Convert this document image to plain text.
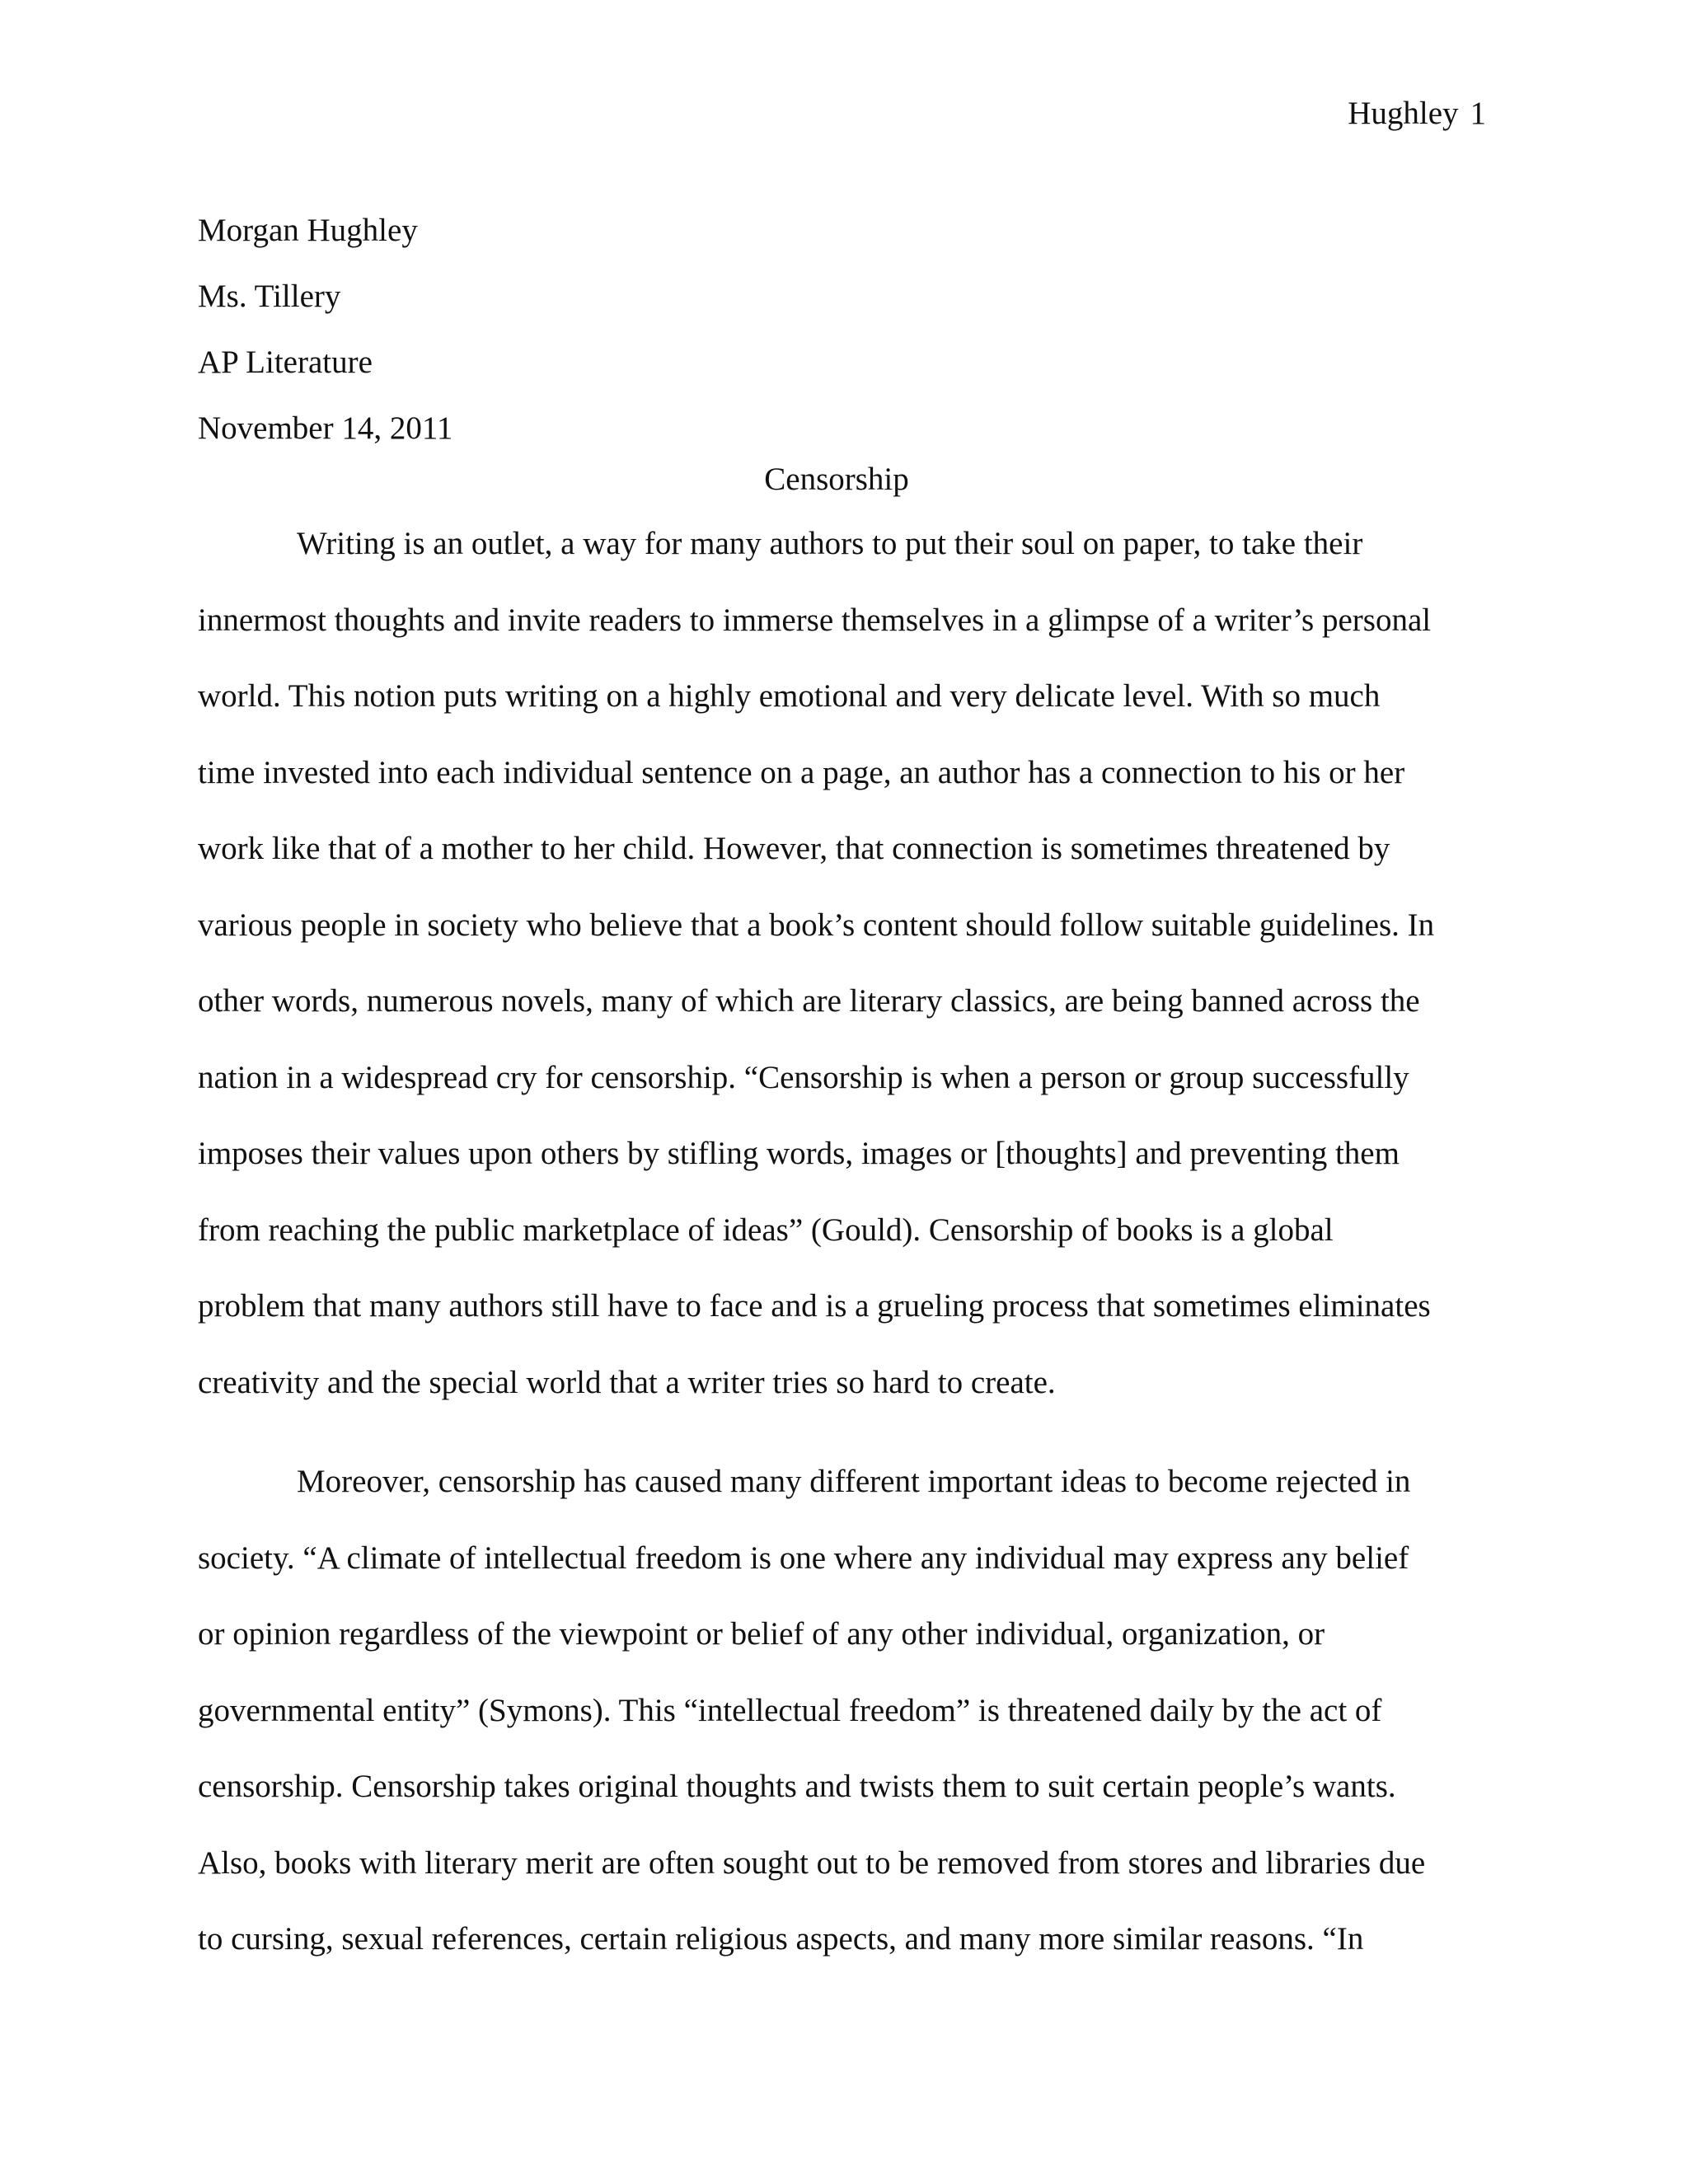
Hughley 1
Morgan Hughley
Ms. Tillery
AP Literature
November 14, 2011
Censorship
Writing is an outlet, a way for many authors to put their soul on paper, to take their
innermost thoughts and invite readers to immerse themselves in a glimpse of a writer’s personal
world. This notion puts writing on a highly emotional and very delicate level. With so much
time invested into each individual sentence on a page, an author has a connection to his or her
work like that of a mother to her child. However, that connection is sometimes threatened by
various people in society who believe that a book’s content should follow suitable guidelines. In
other words, numerous novels, many of which are literary classics, are being banned across the
nation in a widespread cry for censorship. “Censorship is when a person or group successfully
imposes their values upon others by stifling words, images or [thoughts] and preventing them
from reaching the public marketplace of ideas” (Gould). Censorship of books is a global
problem that many authors still have to face and is a grueling process that sometimes eliminates
creativity and the special world that a writer tries so hard to create.
Moreover, censorship has caused many different important ideas to become rejected in
society. “A climate of intellectual freedom is one where any individual may express any belief
or opinion regardless of the viewpoint or belief of any other individual, organization, or
governmental entity” (Symons). This “intellectual freedom” is threatened daily by the act of
censorship. Censorship takes original thoughts and twists them to suit certain people’s wants.
Also, books with literary merit are often sought out to be removed from stores and libraries due
to cursing, sexual references, certain religious aspects, and many more similar reasons. “In
